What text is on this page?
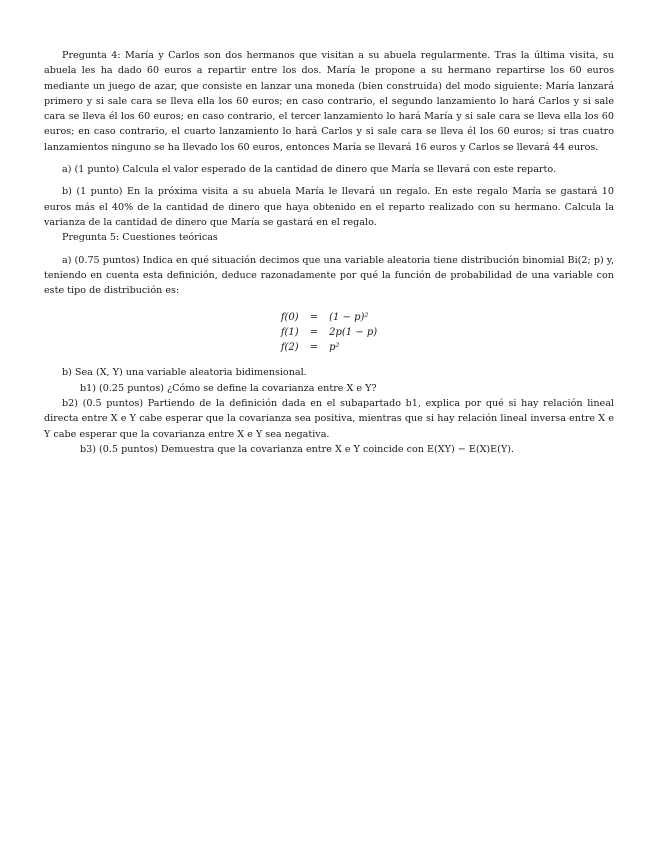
Pregunta 4: María y Carlos son dos hermanos que visitan a su abuela regularmente. Tras la última visita, su abuela les ha dado 60 euros a repartir entre los dos. María le propone a su hermano repartirse los 60 euros mediante un juego de azar, que consiste en lanzar una moneda (bien construida) del modo siguiente: María lanzará primero y si sale cara se lleva ella los 60 euros; en caso contrario, el segundo lanzamiento lo hará Carlos y si sale cara se lleva él los 60 euros; en caso contrario, el tercer lanzamiento lo hará María y si sale cara se lleva ella los 60 euros; en caso contrario, el cuarto lanzamiento lo hará Carlos y si sale cara se lleva él los 60 euros; si tras cuatro lanzamientos ninguno se ha llevado los 60 euros, entonces María se llevará 16 euros y Carlos se llevará 44 euros.

a) (1 punto) Calcula el valor esperado de la cantidad de dinero que María se llevará con este reparto.

b) (1 punto) En la próxima visita a su abuela María le llevará un regalo. En este regalo María se gastará 10 euros más el 40% de la cantidad de dinero que haya obtenido en el reparto realizado con su hermano. Calcula la varianza de la cantidad de dinero que María se gastará en el regalo.

Pregunta 5: Cuestiones teóricas

a) (0.75 puntos) Indica en qué situación decimos que una variable aleatoria tiene distribución binomial Bi(2; p) y, teniendo en cuenta esta definición, deduce razonadamente por qué la función de probabilidad de una variable con este tipo de distribución es:

f(0)	=	(1 − p)²
f(1)	=	2p(1 − p)
f(2)	=	p²

b) Sea (X, Y) una variable aleatoria bidimensional.

b1) (0.25 puntos) ¿Cómo se define la covarianza entre X e Y?

b2) (0.5 puntos) Partiendo de la definición dada en el subapartado b1, explica por qué si hay relación lineal directa entre X e Y cabe esperar que la covarianza sea positiva, mientras que si hay relación lineal inversa entre X e Y cabe esperar que la covarianza entre X e Y sea negativa.

b3) (0.5 puntos) Demuestra que la covarianza entre X e Y coincide con E(XY) − E(X)E(Y).
